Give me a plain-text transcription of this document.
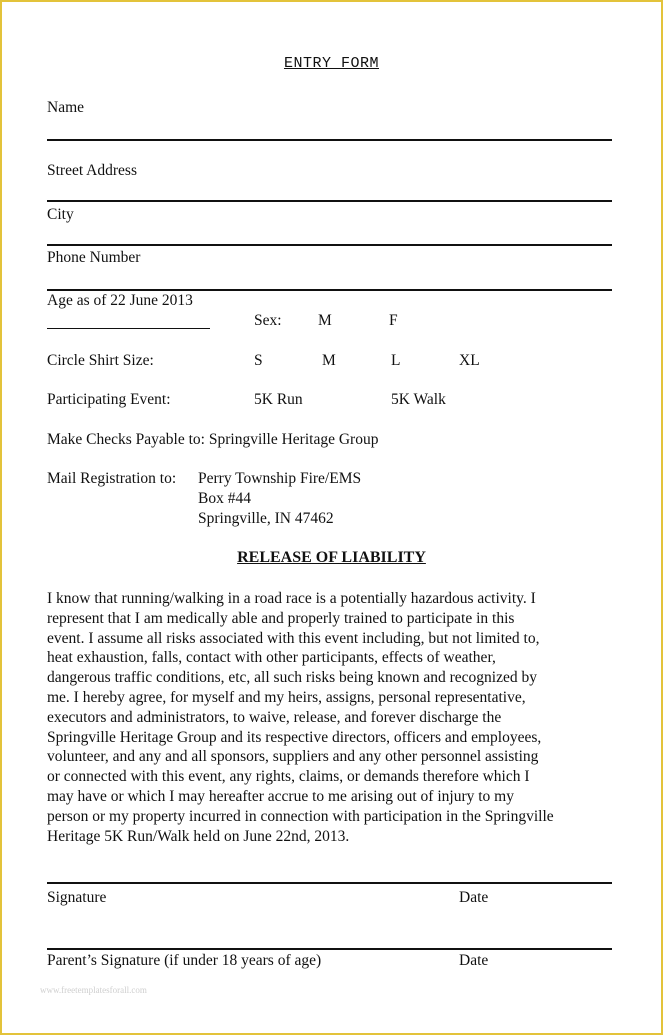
ENTRY FORM
Name
Street Address
City
Phone Number
Age as of 22 June 2013
Sex: M	F
Circle Shirt Size:	S	M	L	XL
Participating Event:	5K Run	5K Walk
Make Checks Payable to: Springville Heritage Group
Mail Registration to: Perry Township Fire/EMS
Box #44
Springville, IN 47462
RELEASE OF LIABILITY
I know that running/walking in a road race is a potentially hazardous activity. I
represent that I am medically able and properly trained to participate in this
event. I assume all risks associated with this event including, but not limited to,
heat exhaustion, falls, contact with other participants, effects of weather,
dangerous traffic conditions, etc, all such risks being known and recognized by
me. I hereby agree, for myself and my heirs, assigns, personal representative,
executors and administrators, to waive, release, and forever discharge the
Springville Heritage Group and its respective directors, officers and employees,
volunteer, and any and all sponsors, suppliers and any other personnel assisting
or connected with this event, any rights, claims, or demands therefore which I
may have or which I may hereafter accrue to me arising out of injury to my
person or my property incurred in connection with participation in the Springville
Heritage 5K Run/Walk held on June 22nd, 2013.
Signature	Date
Parent’s Signature (if under 18 years of age)	Date
www.freetemplatesforall.com
